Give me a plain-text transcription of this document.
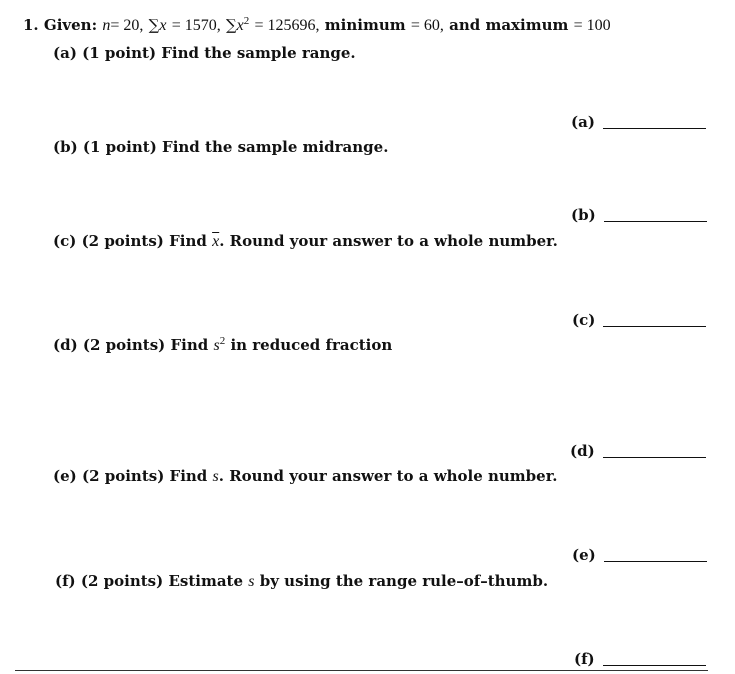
1. Given: n= 20, ∑x = 1570, $\sum x^2 = 125696$, minimum = 60, and maximum = 100
(a) (1 point) Find the sample range.
(a)
(b) (1 point) Find the sample midrange.
(b)
(c) (2 points) Find $\overline{x}$. Round your answer to a whole number.
(c)
(d) (2 points) Find $s^2$ in reduced fraction
(d)
(e) (2 points) Find s. Round your answer to a whole number.
(e)
(f) (2 points) Estimate s by using the range rule–of–thumb.
(f)
